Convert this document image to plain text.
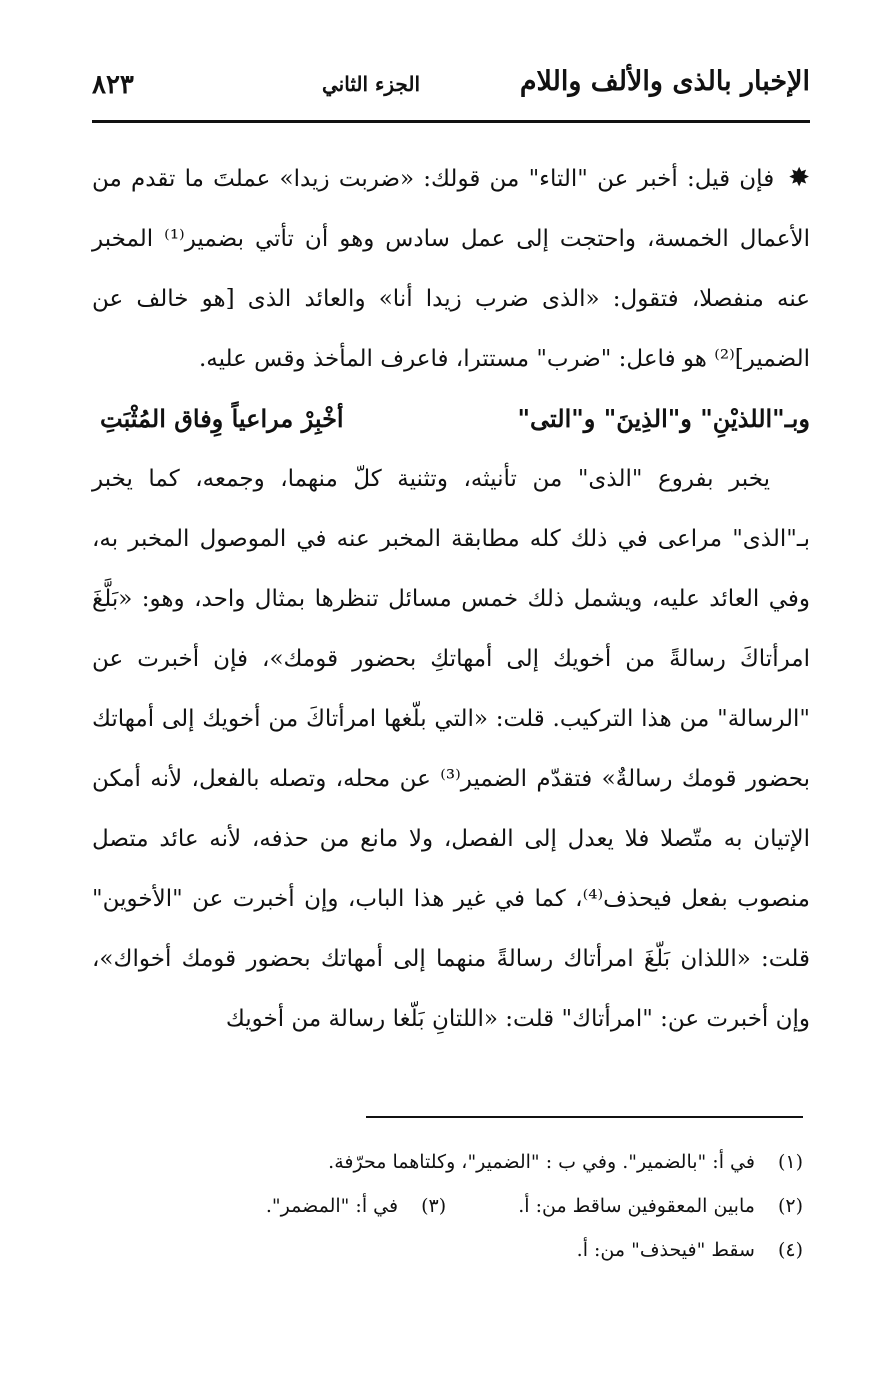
الإخبار بالذى والألف واللام
الجزء الثاني
٨٢٣

✸فإن قيل: أخبر عن "التاء" من قولك: «ضربت زيدا» عملتَ ما تقدم من الأعمال الخمسة، واحتجت إلى عمل سادس وهو أن تأتي بضمير⁽¹⁾ المخبر عنه منفصلا، فتقول: «الذى ضرب زيدا أنا» والعائد الذى [هو خالف عن الضمير]⁽²⁾ هو فاعل: "ضرب" مستترا، فاعرف المأخذ وقس عليه.

وبـ"اللذيْنِ" و"الذِينَ" و"التى"
أخْبِرْ مراعياً وِفاق المُثْبَتِ

يخبر بفروع "الذى" من تأنيثه، وتثنية كلّ منهما، وجمعه، كما يخبر بـ"الذى" مراعى في ذلك كله مطابقة المخبر عنه في الموصول المخبر به، وفي العائد عليه، ويشمل ذلك خمس مسائل تنظرها بمثال واحد، وهو: «بَلَّغَ امرأتاكَ رسالةً من أخويك إلى أمهاتكِ بحضور قومك»، فإن أخبرت عن "الرسالة" من هذا التركيب. قلت: «التي بلّغها امرأتاكَ من أخويك إلى أمهاتك بحضور قومك رسالةٌ» فتقدّم الضمير⁽³⁾ عن محله، وتصله بالفعل، لأنه أمكن الإتيان به متّصلا فلا يعدل إلى الفصل، ولا مانع من حذفه، لأنه عائد متصل منصوب بفعل فيحذف⁽⁴⁾، كما في غير هذا الباب، وإن أخبرت عن "الأخوين" قلت: «اللذان بَلّغَ امرأتاك رسالةً منهما إلى أمهاتك بحضور قومك أخواك»، وإن أخبرت عن: "امرأتاك" قلت: «اللتانِ بَلّغا رسالة من أخويك

(١) في أ: "بالضمير". وفي ب : "الضمير"، وكلتاهما محرّفة.
(٢) مابين المعقوفين ساقط من: أ.  (٣) في أ: "المضمر".
(٤) سقط "فيحذف" من: أ.
